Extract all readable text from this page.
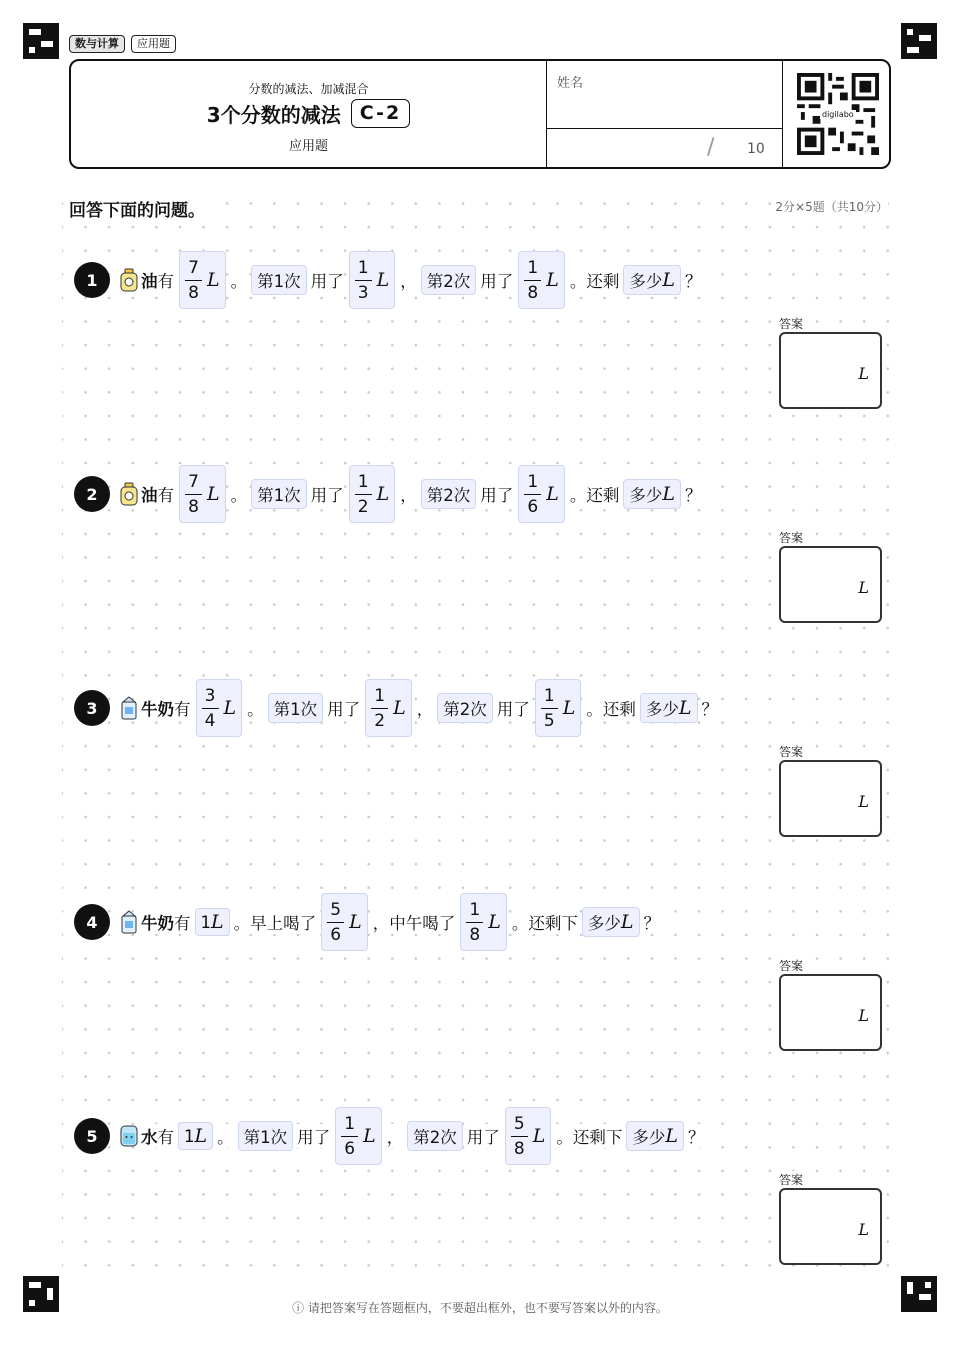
数与计算	应用题
分数的减法、加减混合
3个分数的减法	C-2
应用题
姓名
/ 10
digilabo
回答下面的问题。	2分×5题（共10分）
1	油 有 $\frac{7}{8}$ L 。 第1次 用了 $\frac{1}{3}$ L ， 第2次 用了 $\frac{1}{8}$ L 。还剩 多少 L ？
答案
L
2	油 有 $\frac{7}{8}$ L 。 第1次 用了 $\frac{1}{2}$ L ， 第2次 用了 $\frac{1}{6}$ L 。还剩 多少 L ？
答案
L
3	牛奶 有 $\frac{3}{4}$ L 。 第1次 用了 $\frac{1}{2}$ L ， 第2次 用了 $\frac{1}{5}$ L 。还剩 多少 L ？
答案
L
4	牛奶 有 1 L 。 早上喝了 $\frac{5}{6}$ L ， 中午喝了 $\frac{1}{8}$ L 。还剩下 多少 L ？
答案
L
5	水 有 1 L 。 第1次 用了 $\frac{1}{6}$ L ， 第2次 用了 $\frac{5}{8}$ L 。还剩下 多少 L ？
答案
L
ⓘ 请把答案写在答题框内，不要超出框外，也不要写答案以外的内容。
